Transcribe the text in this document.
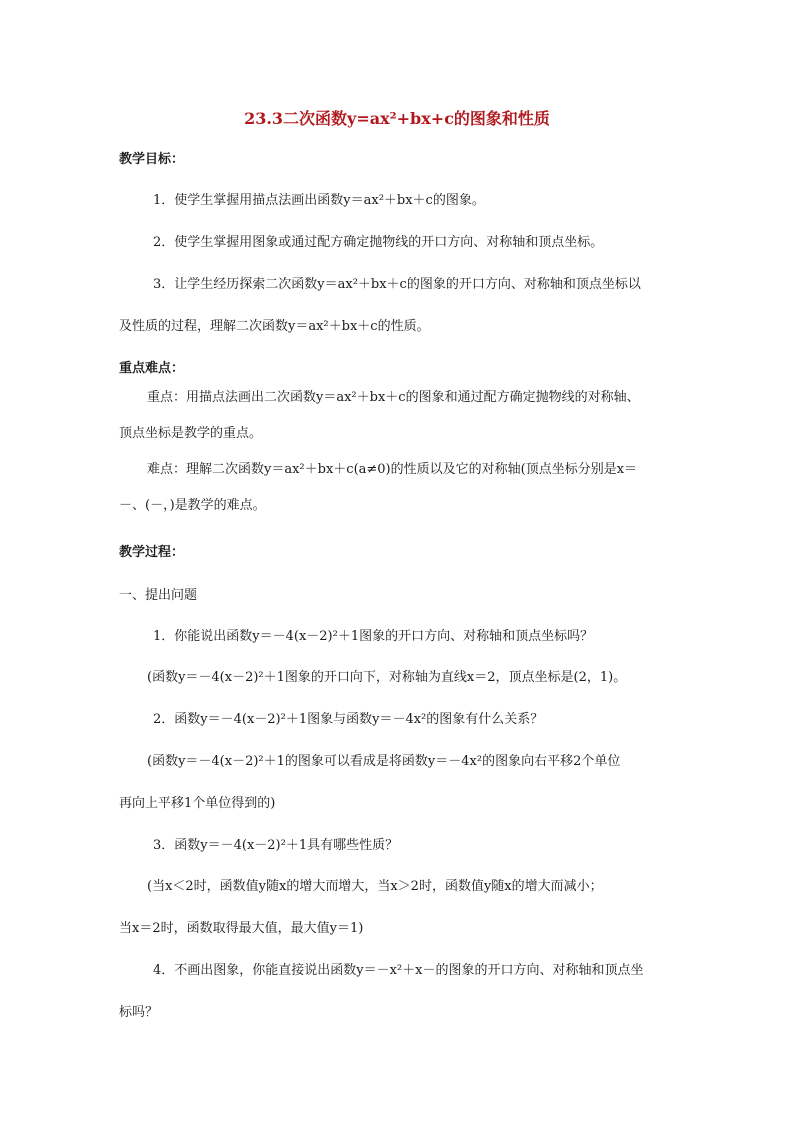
23.3二次函数y=ax²+bx+c的图象和性质
教学目标：
1．使学生掌握用描点法画出函数y＝ax²＋bx＋c的图象。
2．使学生掌握用图象或通过配方确定抛物线的开口方向、对称轴和顶点坐标。
3．让学生经历探索二次函数y＝ax²＋bx＋c的图象的开口方向、对称轴和顶点坐标以
及性质的过程，理解二次函数y＝ax²＋bx＋c的性质。
重点难点：
重点：用描点法画出二次函数y＝ax²＋bx＋c的图象和通过配方确定抛物线的对称轴、
顶点坐标是教学的重点。
难点：理解二次函数y＝ax²＋bx＋c(a≠0)的性质以及它的对称轴(顶点坐标分别是x＝
－、(－，)是教学的难点。
教学过程：
一、提出问题
1．你能说出函数y＝－4(x－2)²＋1图象的开口方向、对称轴和顶点坐标吗？
(函数y＝－4(x－2)²＋1图象的开口向下，对称轴为直线x＝2，顶点坐标是(2，1)。
2．函数y＝－4(x－2)²＋1图象与函数y＝－4x²的图象有什么关系？
(函数y＝－4(x－2)²＋1的图象可以看成是将函数y＝－4x²的图象向右平移2个单位
再向上平移1个单位得到的)
3．函数y＝－4(x－2)²＋1具有哪些性质？
(当x＜2时，函数值y随x的增大而增大，当x＞2时，函数值y随x的增大而减小；
当x＝2时，函数取得最大值，最大值y＝1)
4．不画出图象，你能直接说出函数y＝－x²＋x－的图象的开口方向、对称轴和顶点坐
标吗？
